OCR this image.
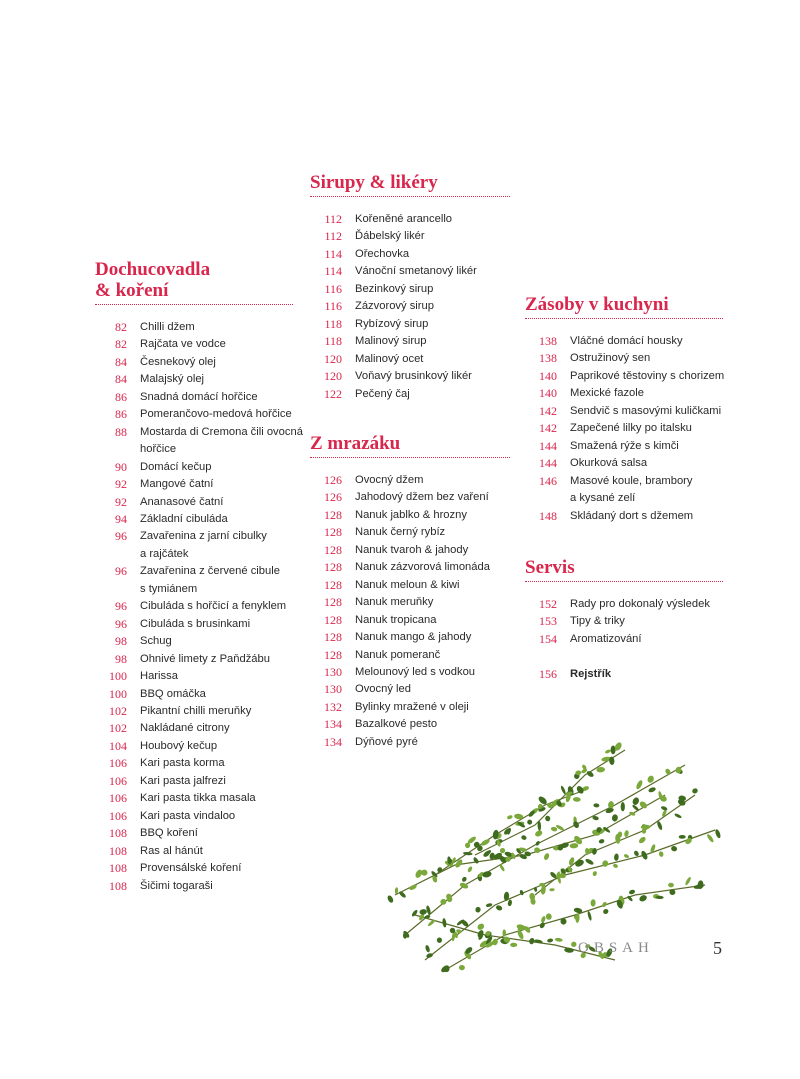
Dochucovadla
& koření
82 Chilli džem
82 Rajčata ve vodce
84 Česnekový olej
84 Malajský olej
86 Snadná domácí hořčice
86 Pomerančovo-medová hořčice
88 Mostarda di Cremona čili ovocná
hořčice
90 Domácí kečup
92 Mangové čatní
92 Ananasové čatní
94 Základní cibuláda
96 Zavařenina z jarní cibulky
a rajčátek
96 Zavařenina z červené cibule
s tymiánem
96 Cibuláda s hořčicí a fenyklem
96 Cibuláda s brusinkami
98 Schug
98 Ohnivé limety z Paňdžábu
100 Harissa
100 BBQ omáčka
102 Pikantní chilli meruňky
102 Nakládané citrony
104 Houbový kečup
106 Kari pasta korma
106 Kari pasta jalfrezi
106 Kari pasta tikka masala
106 Kari pasta vindaloo
108 BBQ koření
108 Ras al hánút
108 Provensálské koření
108 Šičimi togaraši
Sirupy & likéry
112 Kořeněné arancello
112 Ďábelský likér
114 Ořechovka
114 Vánoční smetanový likér
116 Bezinkový sirup
116 Zázvorový sirup
118 Rybízový sirup
118 Malinový sirup
120 Malinový ocet
120 Voňavý brusinkový likér
122 Pečený čaj
Z mrazáku
126 Ovocný džem
126 Jahodový džem bez vaření
128 Nanuk jablko & hrozny
128 Nanuk černý rybíz
128 Nanuk tvaroh & jahody
128 Nanuk zázvorová limonáda
128 Nanuk meloun & kiwi
128 Nanuk meruňky
128 Nanuk tropicana
128 Nanuk mango & jahody
128 Nanuk pomeranč
130 Melounový led s vodkou
130 Ovocný led
132 Bylinky mražené v oleji
134 Bazalkové pesto
134 Dýňové pyré
Zásoby v kuchyni
138 Vláčné domácí housky
138 Ostružinový sen
140 Paprikové těstoviny s chorizem
140 Mexické fazole
142 Sendvič s masovými kuličkami
142 Zapečené lilky po italsku
144 Smažená rýže s kimči
144 Okurková salsa
146 Masové koule, brambory
a kysané zelí
148 Skládaný dort s džemem
Servis
152 Rady pro dokonalý výsledek
153 Tipy & triky
154 Aromatizování

156 Rejstřík
OBSAH	5
